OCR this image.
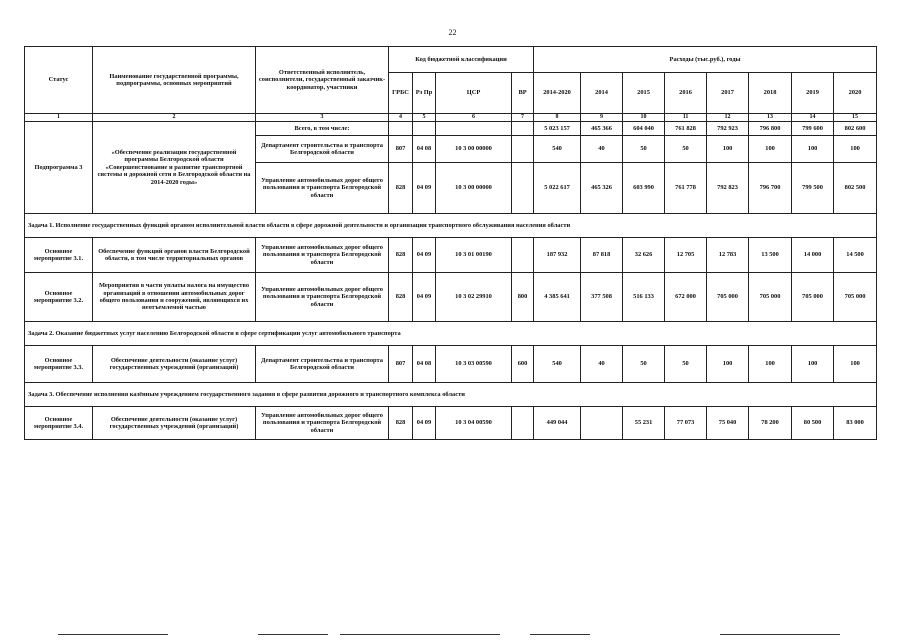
22
Статус	Наименование государственной программы, подпрограммы, основных мероприятий	Ответственный исполнитель, соисполнители, государственный заказчик-координатор, участники	Код бюджетной классификации				Расходы (тыс.руб.), годы							
			ГРБС	Рз Пр	ЦСР	ВР	2014-2020	2014	2015	2016	2017	2018	2019	2020
1	2	3	4	5	6	7	8	9	10	11	12	13	14	15
Подпрограмма 3	«Обеспечение реализации государственной программы Белгородской области «Совершенствование и развитие транспортной системы и дорожной сети в Белгородской области на 2014-2020 годы»	Всего, в том числе:					5 023 157	465 366	604 040	761 828	792 923	796 800	799 600	802 600
		Департамент строительства и транспорта Белгородской области	807	04 08	10 3 00 00000		540	40	50	50	100	100	100	100
		Управление автомобильных дорог общего пользования и транспорта Белгородской области	828	04 09	10 3 00 00000		5 022 617	465 326	603 990	761 778	792 823	796 700	799 500	802 500
Задача 1. Исполнение государственных функций органом исполнительной власти области в сфере дорожной деятельности и организации транспортного обслуживания населения области														
Основное мероприятие 3.1.	Обеспечение функций органов власти Белгородской области, в том числе территориальных органов	Управление автомобильных дорог общего пользования и транспорта Белгородской области	828	04 09	10 3 01 00190		187 932	87 818	32 626	12 705	12 783	13 500	14 000	14 500
Основное мероприятие 3.2.	Мероприятия в части уплаты налога на имущество организаций в отношении автомобильных дорог общего пользования и сооружений, являющихся их неотъемлемой частью	Управление автомобильных дорог общего пользования и транспорта Белгородской области	828	04 09	10 3 02 29910	800	4 385 641	377 508	516 133	672 000	705 000	705 000	705 000	705 000
Задача 2. Оказание бюджетных услуг населению Белгородской области в сфере сертификации услуг автомобильного транспорта														
Основное мероприятие 3.3.	Обеспечение деятельности (оказание услуг) государственных учреждений (организаций)	Департамент строительства и транспорта Белгородской области	807	04 08	10 3 03 00590	600	540	40	50	50	100	100	100	100
Задача 3. Обеспечение исполнения казённым учреждением государственного задания в сфере развития дорожного и транспортного комплекса области														
Основное мероприятие 3.4.	Обеспечение деятельности (оказание услуг) государственных учреждений (организаций)	Управление автомобильных дорог общего пользования и транспорта Белгородской области	828	04 09	10 3 04 00590		449 044		55 231	77 073	75 040	78 200	80 500	83 000
